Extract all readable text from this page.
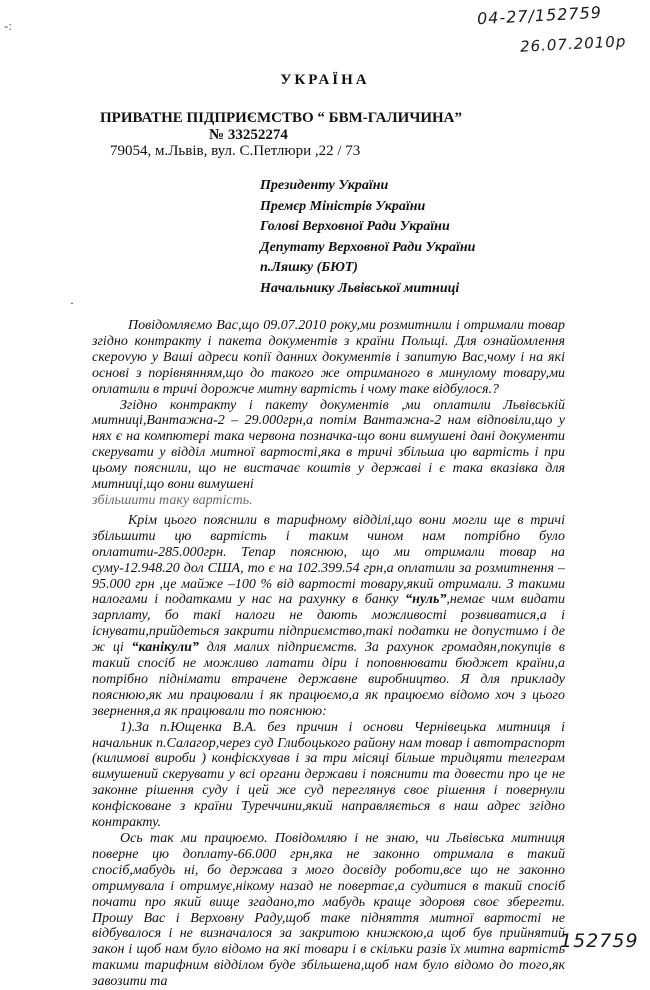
-:	04-27/152759
26.07.2010р
УКРАЇНА
ПРИВАТНЕ ПІДПРИЄМСТВО “ БВМ-ГАЛИЧИНА”
№ 33252274
79054, м.Львів, вул. С.Петлюри ,22 / 73
Президенту України
Премєр Міністрів України
Голові Верховної Ради України
Депутату Верховної Ради України
п.Ляшку (БЮТ)
Начальнику Львівської митниці
·

Повідомляємо Вас,що 09.07.2010 року,ми розмитнили і отримали товар згідно контракту і пакета документів з країни Польщі. Для ознайомлення скерovую у Ваші адреси копії данних документів і запитую Вас,чому і на які основі з порівнянням,що до такого же отриманого в минулому товару,ми оплатили в тричі дорожче митну вартість і чому таке відбулося.?

Згідно контракту і пакету документів ,ми оплатили Львівській митниці,Вантажна-2 – 29.000грн,а потім Вантажна-2 нам відповіли,що у нях є на компютері така червона позначка-що вони вимушені дані документи скерувати у відділ митної вартості,яка в тричі збільша цю вартість і при цьому пояснили, що не вистачає коштів у державі і є така вказівка для митниці,що вони вимушені

збільшити таку вартість.

Крім цього пояснили в тарифному відділі,що вони могли ще в тричі збільшити цю вартість і таким чином нам потрібно було оплатити-285.000грн. Тепар пояснюю, що ми отримали товар на суму-12.948.20 дол США, то є на 102.399.54 грн,а оплатили за розмитнення –95.000 грн ,це майже –100 % від вартості товару,який отримали. З такими налогами і податками у нас на рахунку в банку “нуль”,немає чим видати зарплату, бо такі налоги не дають можливості розвиватися,а і існувати,прийдеться закрити підприємство,такі податки не допустимо і де ж ці “канікули” для малих підприємств. За рахунок громадян,покупців в такий спосіб не можливо латати діри і поповнювати бюджет країни,а потрібно піднімати втрачене державне виробництво. Я для прикладу пояснюю,як ми працювали і як працюємо,а як працюємо відомо хоч з цього звернення,а як працювали то пояснюю:

1).За п.Ющенка В.А. без причин і основи Чернівецька митниця і начальник п.Салагор,через суд Глибоцького району нам товар і автотраспорт (килимові вироби ) конфіскxував і за три місяці більше тридцяти телеграм вимушений скерувати у всі органи держави і пояснити та довести про це не законне рішення суду і цей же суд переглянув своє рішення і повернули конфісковане з країни Туреччини,який направляється в наш адрес згідно контракту.

Ось так ми працюємо. Повідомляю і не знаю, чи Львівська митниця поверне цю доплату-66.000 грн,яка не законно отримала в такий спосіб,мабудь ні, бо держава з мого досвіду роботи,все що не законно отримувала і отримує,нікому назад не повертає,а судитися в такий спосіб почати про який вище згадано,то мабудь краще здоровя своє зберегти. Прошу Вас і Верховну Раду,щоб таке підняття митної вартості не відбувалося і не визначалося за закритою книжкою,а щоб був прийнятий закон і щоб нам було відомо на які товари і в скільки разів їх митна вартість такими тарифним відділом буде збільшена,щоб нам було відомо до того,як завозити та

152759
